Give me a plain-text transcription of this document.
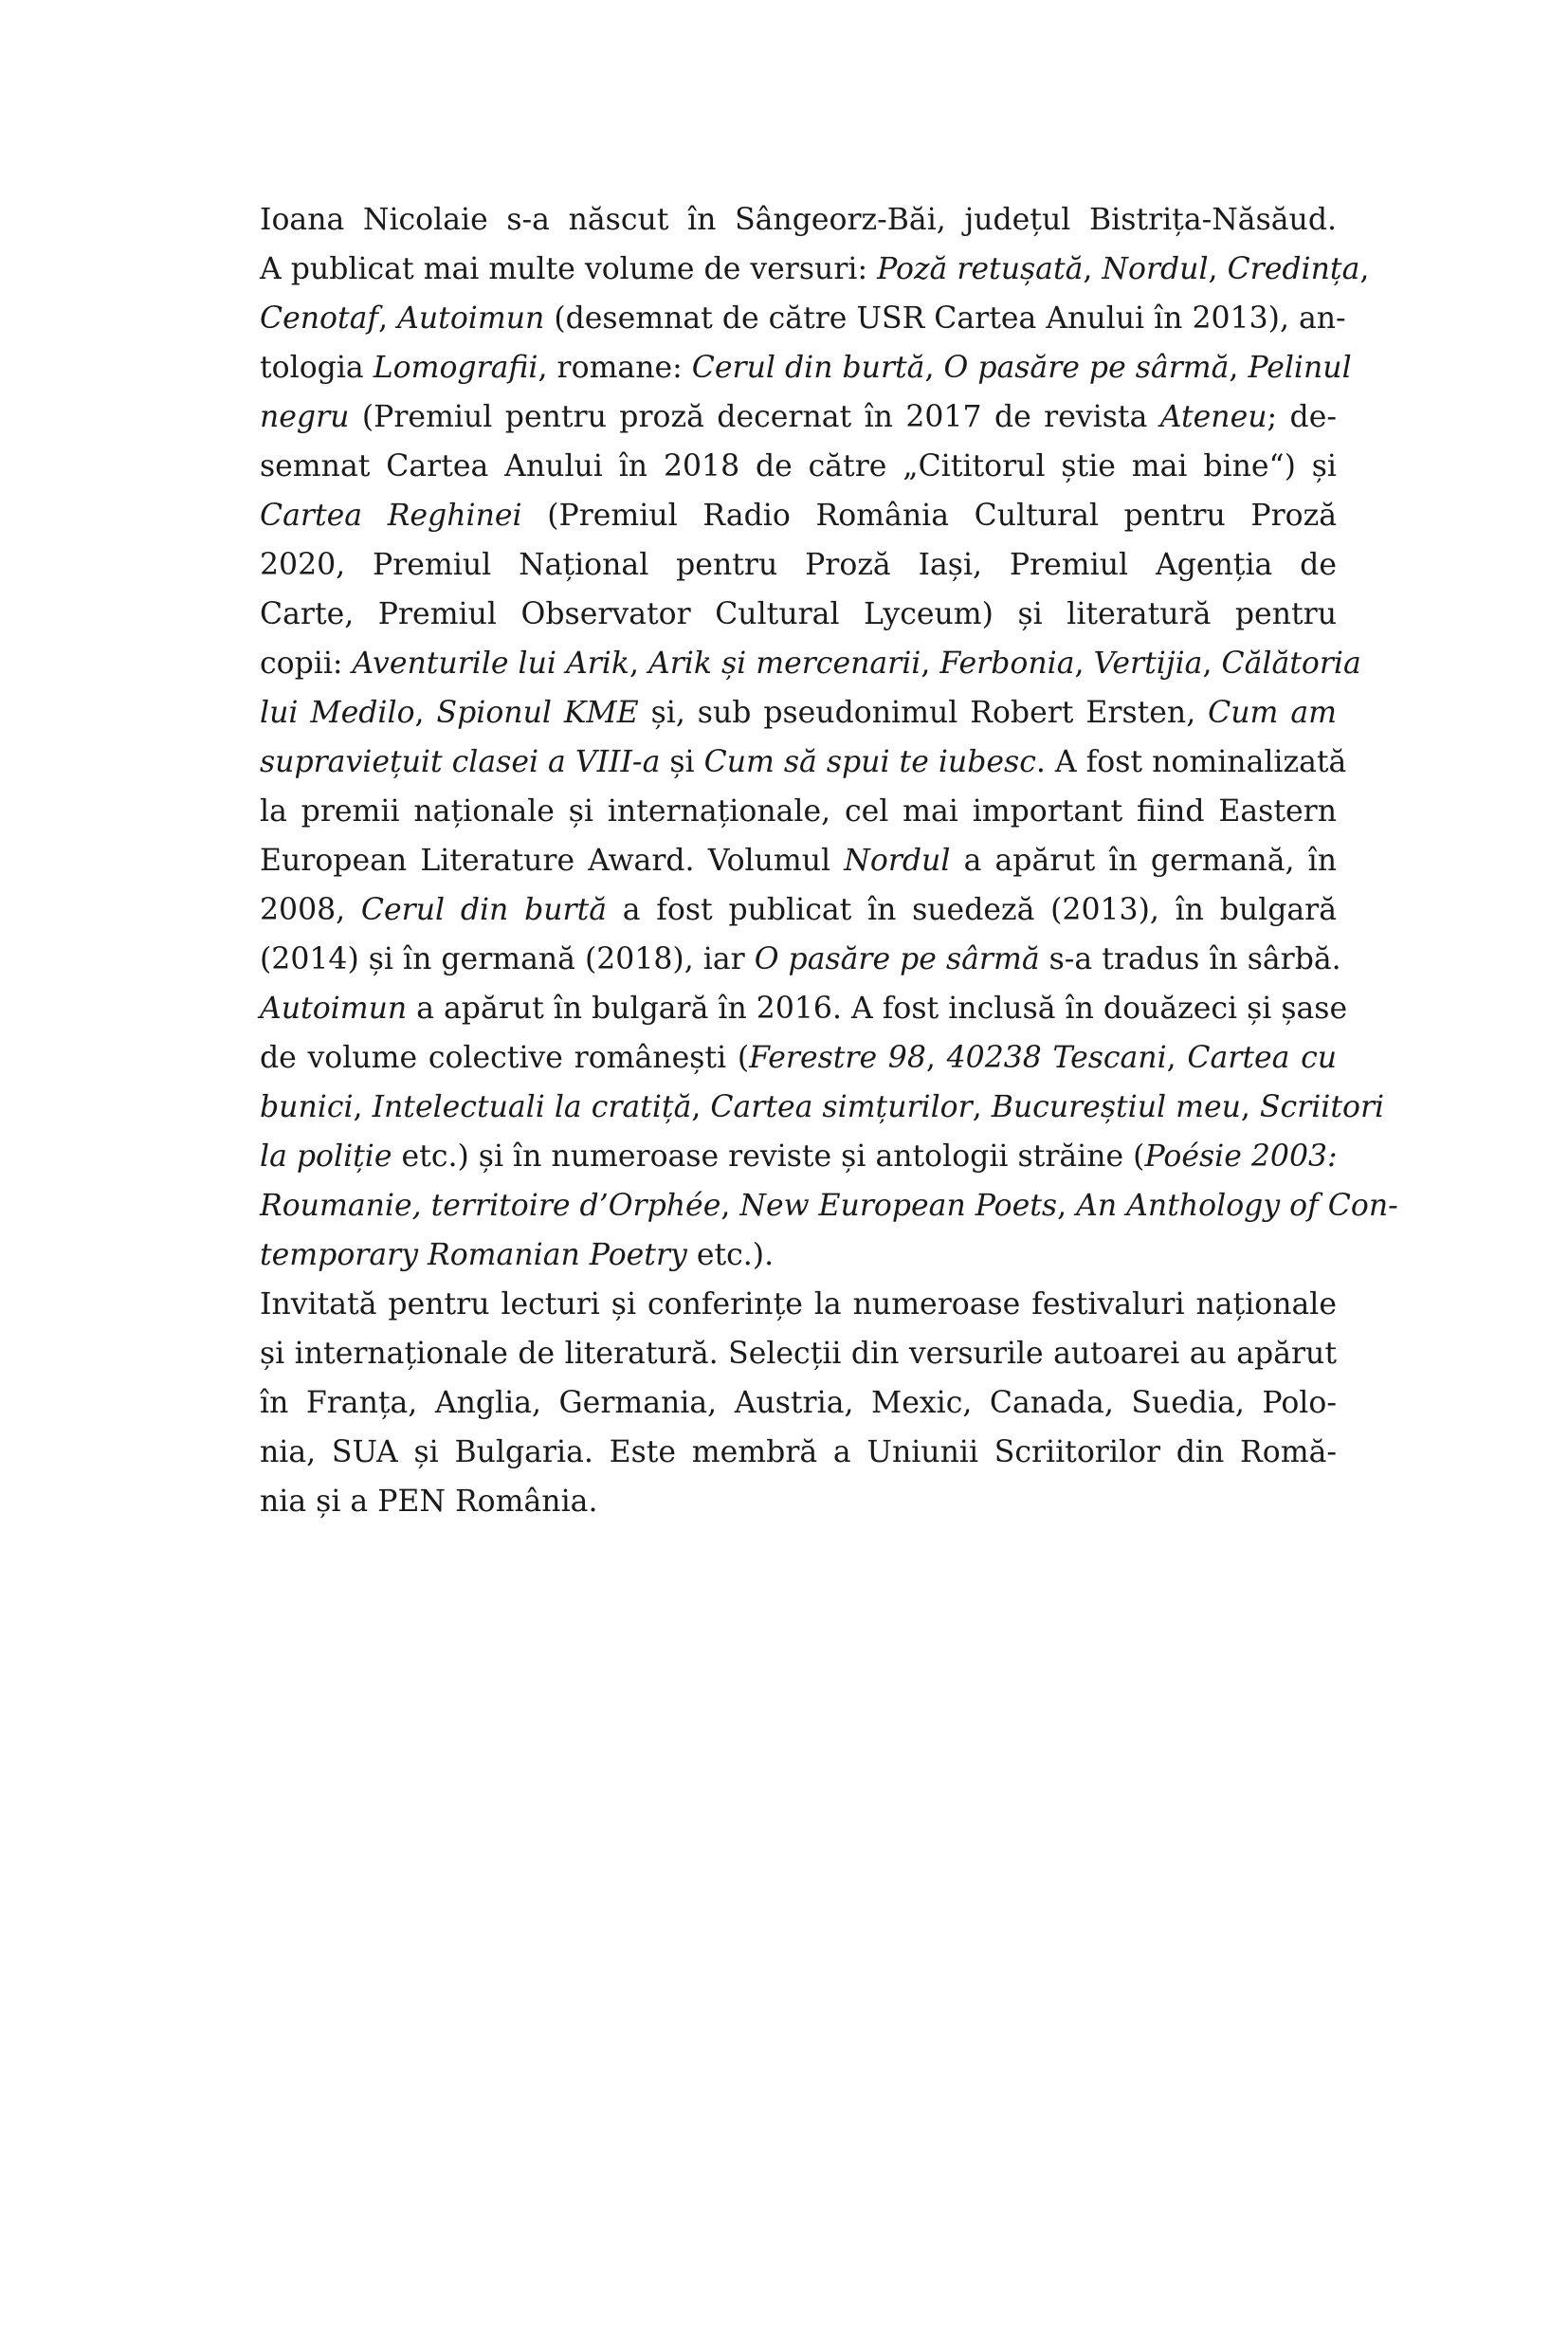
Ioana Nicolaie s-a născut în Sângeorz-Băi, județul Bistrița-Năsăud.
A publicat mai multe volume de versuri: Poză retușată, Nordul, Credința,
Cenotaf, Autoimun (desemnat de către USR Cartea Anului în 2013), an-
tologia Lomografii, romane: Cerul din burtă, O pasăre pe sârmă, Pelinul
negru (Premiul pentru proză decernat în 2017 de revista Ateneu; de-
semnat Cartea Anului în 2018 de către „Cititorul știe mai bine“) și
Cartea Reghinei (Premiul Radio România Cultural pentru Proză
2020, Premiul Național pentru Proză Iași, Premiul Agenția de
Carte, Premiul Observator Cultural Lyceum) și literatură pentru
copii: Aventurile lui Arik, Arik și mercenarii, Ferbonia, Vertijia, Călătoria
lui Medilo, Spionul KME și, sub pseudonimul Robert Ersten, Cum am
supraviețuit clasei a VIII-a și Cum să spui te iubesc. A fost nominalizată
la premii naționale și internaționale, cel mai important fiind Eastern
European Literature Award. Volumul Nordul a apărut în germană, în
2008, Cerul din burtă a fost publicat în suedeză (2013), în bulgară
(2014) și în germană (2018), iar O pasăre pe sârmă s-a tradus în sârbă.
Autoimun a apărut în bulgară în 2016. A fost inclusă în douăzeci și șase
de volume colective românești (Ferestre 98, 40238 Tescani, Cartea cu
bunici, Intelectuali la cratiță, Cartea simțurilor, Bucureștiul meu, Scriitori
la poliție etc.) și în numeroase reviste și antologii străine (Poésie 2003:
Roumanie, territoire d’Orphée, New European Poets, An Anthology of Con-
temporary Romanian Poetry etc.).
Invitată pentru lecturi și conferințe la numeroase festivaluri naționale
și internaționale de literatură. Selecții din versurile autoarei au apărut
în Franța, Anglia, Germania, Austria, Mexic, Canada, Suedia, Polo-
nia, SUA și Bulgaria. Este membră a Uniunii Scriitorilor din Romă-
nia și a PEN România.
